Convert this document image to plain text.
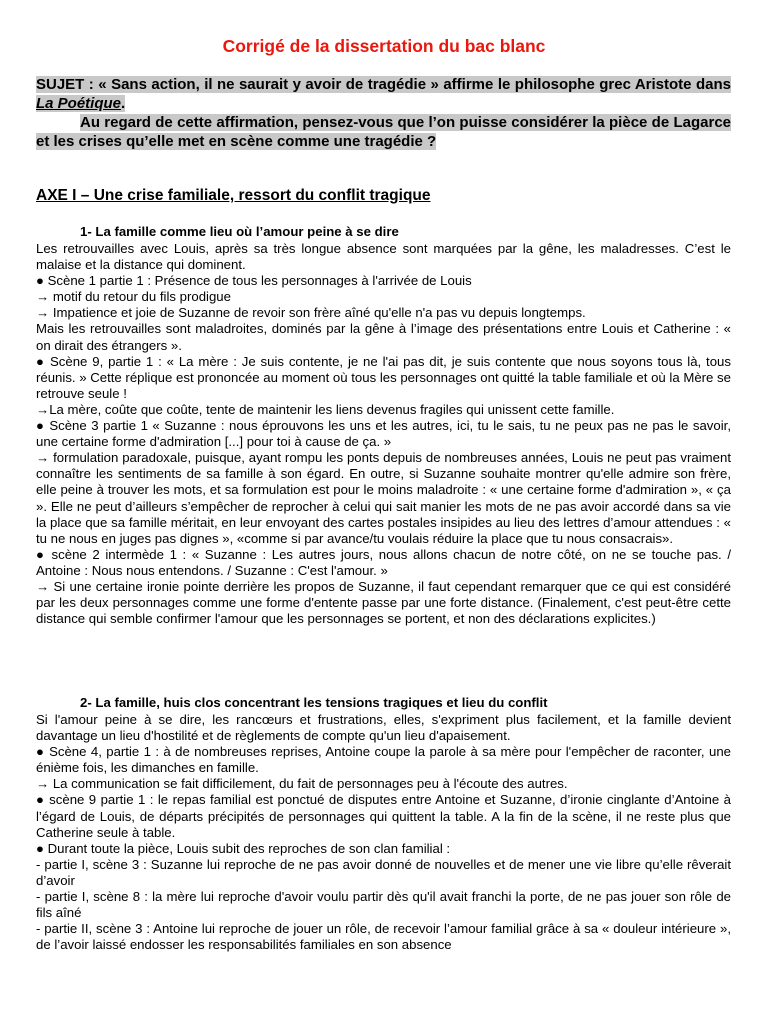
Corrigé de la dissertation du bac blanc

SUJET : « Sans action, il ne saurait y avoir de tragédie » affirme le philosophe grec Aristote dans La Poétique.

Au regard de cette affirmation, pensez-vous que l’on puisse considérer la pièce de Lagarce et les crises qu’elle met en scène comme une tragédie ?

AXE I – Une crise familiale, ressort du conflit tragique
1- La famille comme lieu où l’amour peine à se dire

Les retrouvailles avec Louis, après sa très longue absence sont marquées par la gêne, les maladresses. C’est le malaise et la distance qui dominent.

● Scène 1 partie 1 : Présence de tous les personnages à l'arrivée de Louis

→ motif du retour du fils prodigue

→ Impatience et joie de Suzanne de revoir son frère aîné qu'elle n'a pas vu depuis longtemps.

Mais les retrouvailles sont maladroites, dominés par la gêne à l’image des présentations entre Louis et Catherine : « on dirait des étrangers ».

● Scène 9, partie 1 : « La mère : Je suis contente, je ne l'ai pas dit, je suis contente que nous soyons tous là, tous réunis. » Cette réplique est prononcée au moment où tous les personnages ont quitté la table familiale et où la Mère se retrouve seule !

→La mère, coûte que coûte, tente de maintenir les liens devenus fragiles qui unissent cette famille.

● Scène 3 partie 1 « Suzanne : nous éprouvons les uns et les autres, ici, tu le sais, tu ne peux pas ne pas le savoir, une certaine forme d'admiration [...] pour toi à cause de ça. »

→ formulation paradoxale, puisque, ayant rompu les ponts depuis de nombreuses années, Louis ne peut pas vraiment connaître les sentiments de sa famille à son égard. En outre, si Suzanne souhaite montrer qu'elle admire son frère, elle peine à trouver les mots, et sa formulation est pour le moins maladroite : « une certaine forme d'admiration », « ça ». Elle ne peut d’ailleurs s’empêcher de reprocher à celui qui sait manier les mots de ne pas avoir accordé dans sa vie la place que sa famille méritait, en leur envoyant des cartes postales insipides au lieu des lettres d’amour attendues : « tu ne nous en juges pas dignes », «comme si par avance/tu voulais réduire la place que tu nous consacrais».

● scène 2 intermède 1 : « Suzanne : Les autres jours, nous allons chacun de notre côté, on ne se touche pas. / Antoine : Nous nous entendons. / Suzanne : C'est l'amour. »

→ Si une certaine ironie pointe derrière les propos de Suzanne, il faut cependant remarquer que ce qui est considéré par les deux personnages comme une forme d'entente passe par une forte distance. (Finalement, c'est peut-être cette distance qui semble confirmer l'amour que les personnages se portent, et non des déclarations explicites.)

2- La famille, huis clos concentrant les tensions tragiques et lieu du conflit

Si l'amour peine à se dire, les rancœurs et frustrations, elles, s'expriment plus facilement, et la famille devient davantage un lieu d'hostilité et de règlements de compte qu'un lieu d'apaisement.

● Scène 4, partie 1 : à de nombreuses reprises, Antoine coupe la parole à sa mère pour l'empêcher de raconter, une énième fois, les dimanches en famille.

→ La communication se fait difficilement, du fait de personnages peu à l'écoute des autres.

● scène 9 partie 1 : le repas familial est ponctué de disputes entre Antoine et Suzanne, d’ironie cinglante d’Antoine à l’égard de Louis, de départs précipités de personnages qui quittent la table. A la fin de la scène, il ne reste plus que Catherine seule à table.

● Durant toute la pièce, Louis subit des reproches de son clan familial :

- partie I, scène 3 : Suzanne lui reproche de ne pas avoir donné de nouvelles et de mener une vie libre qu’elle rêverait d’avoir

- partie I, scène 8 : la mère lui reproche d'avoir voulu partir dès qu'il avait franchi la porte, de ne pas jouer son rôle de fils aîné

- partie II, scène 3 : Antoine lui reproche de jouer un rôle, de recevoir l’amour familial grâce à sa « douleur intérieure », de l’avoir laissé endosser les responsabilités familiales en son absence
